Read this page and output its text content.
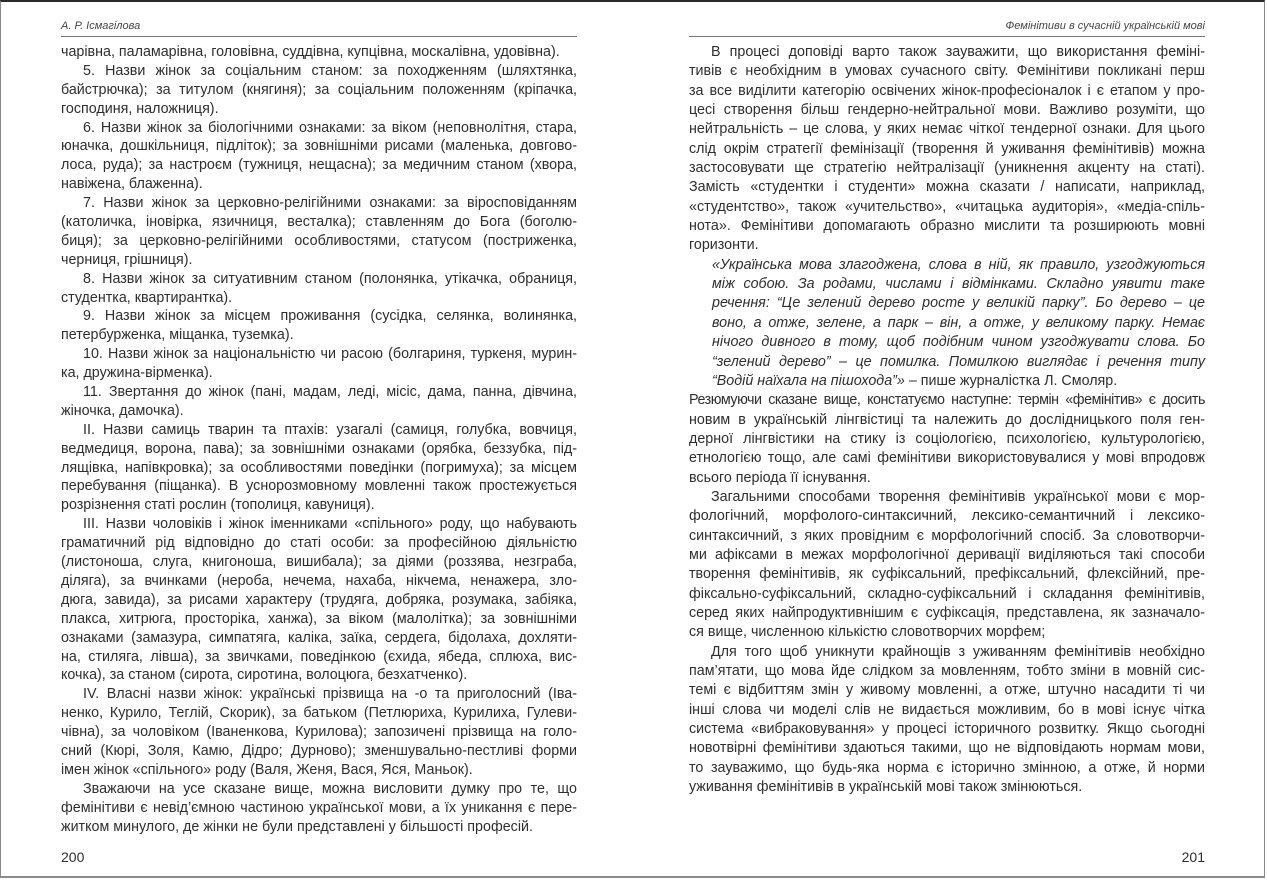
А. Р. Ісмагілова
чарівна, паламарівна, головівна, суддівна, купцівна, москалівна, удовівна).
5. Назви жінок за соціальним станом: за походженням (шляхтянка,
байстрючка); за титулом (княгиня); за соціальним положенням (кріпачка,
господиня, наложниця).
6. Назви жінок за біологічними ознаками: за віком (неповнолітня, стара,
юначка, дошкільниця, підліток); за зовнішніми рисами (маленька, довгово-
лоса, руда); за настроєм (тужниця, нещасна); за медичним станом (хвора,
навіжена, блаженна).
7. Назви жінок за церковно-релігійними ознаками: за віросповіданням
(католичка, іновірка, язичниця, весталка); ставленням до Бога (боголю-
биця); за церковно-релігійними особливостями, статусом (постриженка,
черниця, грішниця).
8. Назви жінок за ситуативним станом (полонянка, утікачка, обраниця,
студентка, квартирантка).
9. Назви жінок за місцем проживання (сусідка, селянка, волинянка,
петербурженка, міщанка, туземка).
10. Назви жінок за національністю чи расою (болгариня, туркеня, мурин-
ка, дружина-вірменка).
11. Звертання до жінок (пані, мадам, леді, місіс, дама, панна, дівчина,
жіночка, дамочка).
II. Назви самиць тварин та птахів: узагалі (самиця, голубка, вовчиця,
ведмедиця, ворона, пава); за зовнішніми ознаками (орябка, беззубка, під-
лящівка, напівкровка); за особливостями поведінки (погримуха); за місцем
перебування (піщанка). В уснорозмовному мовленні також простежується
розрізнення статі рослин (тополиця, кавуниця).
III. Назви чоловіків і жінок іменниками «спільного» роду, що набувають
граматичний рід відповідно до статі особи: за професійною діяльністю
(листоноша, слуга, книгоноша, вишибала); за діями (роззява, незграба,
діляга), за вчинками (нероба, нечема, нахаба, нікчема, ненажера, зло-
дюга, завида), за рисами характеру (трудяга, добряка, розумака, забіяка,
плакса, хитрюга, просторіка, ханжа), за віком (малолітка); за зовнішніми
ознаками (замазура, симпатяга, каліка, заїка, сердега, бідолаха, дохляти-
на, стиляга, лівша), за звичками, поведінкою (єхида, ябеда, сплюха, вис-
кочка), за станом (сирота, сиротина, волоцюга, безхатченко).
IV. Власні назви жінок: українські прізвища на -о та приголосний (Іва-
ненко, Курило, Теглій, Скорик), за батьком (Петлюриха, Курилиха, Гулеви-
чівна), за чоловіком (Іваненкова, Курилова); запозичені прізвища на голо-
сний (Кюрі, Золя, Камю, Дідро; Дурново); зменшувально-пестливі форми
імен жінок «спільного» роду (Валя, Женя, Вася, Яся, Маньок).
Зважаючи на усе сказане вище, можна висловити думку про те, що
фемінітиви є невід’ємною частиною української мови, а їх уникання є пере-
житком минулого, де жінки не були представлені у більшості професій.
200
Фемінітиви в сучасній українській мові
В процесі доповіді варто також зауважити, що використання феміні-
тивів є необхідним в умовах сучасного світу. Фемінітиви покликані перш
за все виділити категорію освічених жінок-професіоналок і є етапом у про-
цесі створення більш гендерно-нейтральної мови. Важливо розуміти, що
нейтральність – це слова, у яких немає чіткої тендерної ознаки. Для цього
слід окрім стратегії фемінізації (творення й уживання фемінітивів) можна
застосовувати ще стратегію нейтралізації (уникнення акценту на статі).
Замість «студентки і студенти» можна сказати / написати, наприклад,
«студентство», також «учительство», «читацька аудиторія», «медіа-спіль-
нота». Фемінітиви допомагають образно мислити та розширюють мовні
горизонти.
«Українська мова злагоджена, слова в ній, як правило, узгоджуються
між собою. За родами, числами і відмінками. Складно уявити таке
речення: “Це зелений дерево росте у великій парку”. Бо дерево – це
воно, а отже, зелене, а парк – він, а отже, у великому парку. Немає
нічого дивного в тому, щоб подібним чином узгоджувати слова. Бо
“зелений дерево” – це помилка. Помилкою виглядає і речення типу
“Водій наїхала на пішохода”» – пише журналістка Л. Смоляр.
Резюмуючи сказане вище, констатуємо наступне: термін «фемінітив» є досить
новим в українській лінгвістиці та належить до дослідницького поля ген-
дерної лінгвістики на стику із соціологією, психологією, культурологією,
етнологією тощо, але самі фемінітиви використовувалися у мові впродовж
всього періода її існування.
Загальними способами творення фемінітивів української мови є мор-
фологічний, морфолого-синтаксичний, лексико-семантичний і лексико-
синтаксичний, з яких провідним є морфологічний спосіб. За словотворчи-
ми афіксами в межах морфологічної деривації виділяються такі способи
творення фемінітивів, як суфіксальний, префіксальний, флексійний, пре-
фіксально-суфіксальний, складно-суфіксальний і складання фемінітивів,
серед яких найпродуктивнішим є суфіксація, представлена, як зазначало-
ся вище, численною кількістю словотворчих морфем;
Для того щоб уникнути крайнощів з уживанням фемінітивів необхідно
пам’ятати, що мова йде слідком за мовленням, тобто зміни в мовній сис-
темі є відбиттям змін у живому мовленні, а отже, штучно насадити ті чи
інші слова чи моделі слів не видається можливим, бо в мові існує чітка
система «вибраковування» у процесі історичного розвитку. Якщо сьогодні
новотвірні фемінітиви здаються такими, що не відповідають нормам мови,
то зауважимо, що будь-яка норма є історично змінною, а отже, й норми
уживання фемінітивів в українській мові також змінюються.
201
